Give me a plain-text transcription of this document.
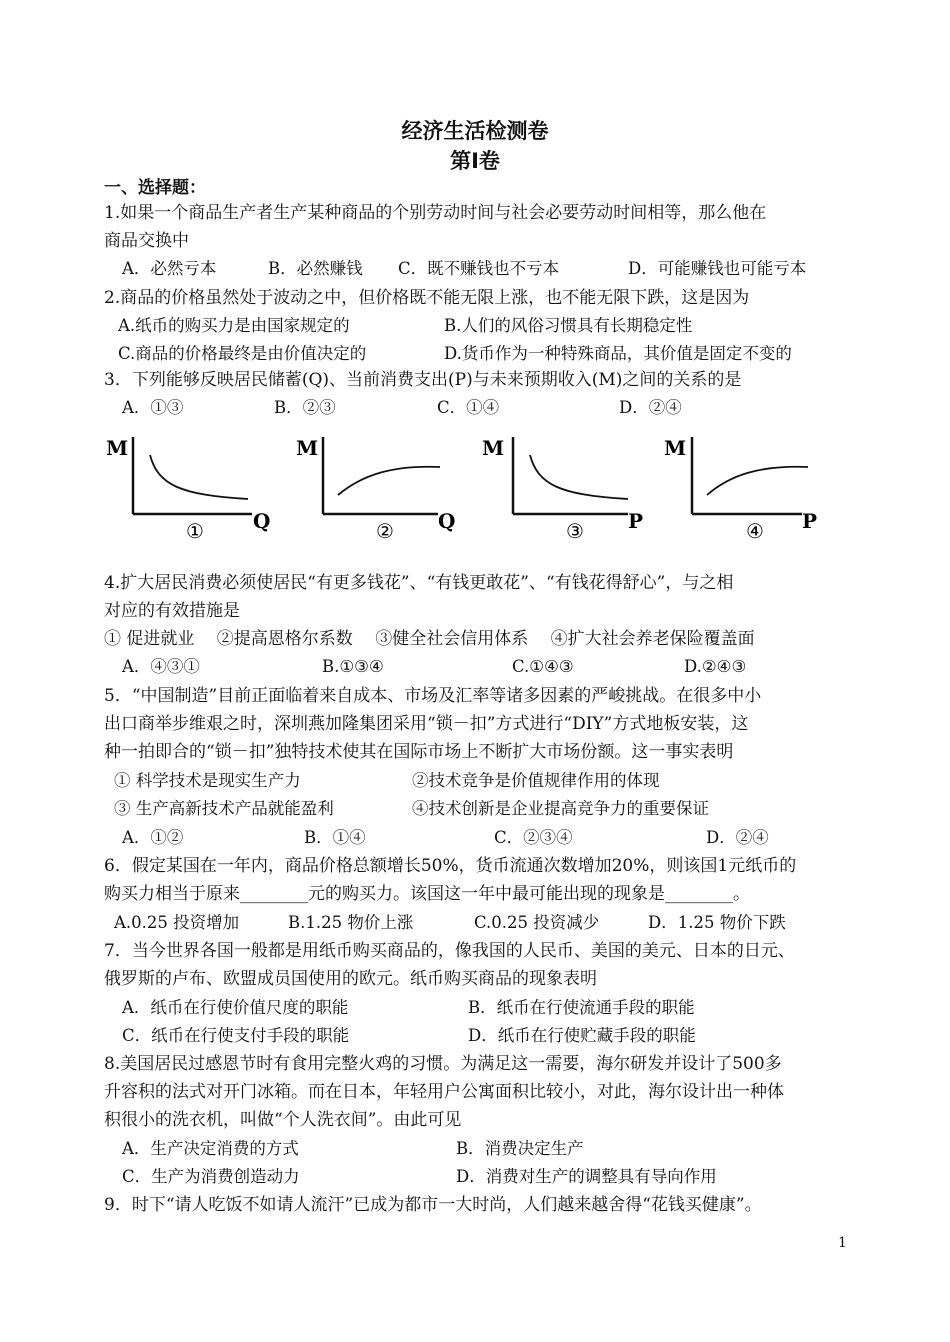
经济生活检测卷
第I卷
一、选择题：
1.如果一个商品生产者生产某种商品的个别劳动时间与社会必要劳动时间相等，那么他在
商品交换中
A．必然亏本	B．必然赚钱 C．既不赚钱也不亏本	D．可能赚钱也可能亏本
2.商品的价格虽然处于波动之中，但价格既不能无限上涨，也不能无限下跌，这是因为
A.纸币的购买力是由国家规定的	B.人们的风俗习惯具有长期稳定性
C.商品的价格最终是由价值决定的	D.货币作为一种特殊商品，其价值是固定不变的
3．下列能够反映居民储蓄(Q)、当前消费支出(P)与未来预期收入(M)之间的关系的是
A．①③	B．②③	C．①④	D．②④
M
Q
①
M
Q
②
M
P
③
M
P
④
4.扩大居民消费必须使居民“有更多钱花”、“有钱更敢花”、“有钱花得舒心”，与之相
对应的有效措施是
① 促进就业　 ②提高恩格尔系数　 ③健全社会信用体系　 ④扩大社会养老保险覆盖面
A．④③①	B.①③④	C.①④③	D.②④③
5．“中国制造”目前正面临着来自成本、市场及汇率等诸多因素的严峻挑战。在很多中小
出口商举步维艰之时，深圳燕加隆集团采用“锁－扣”方式进行“DIY”方式地板安装，这
种一拍即合的“锁－扣”独特技术使其在国际市场上不断扩大市场份额。这一事实表明
① 科学技术是现实生产力	②技术竞争是价值规律作用的体现
③ 生产高新技术产品就能盈利	④技术创新是企业提高竞争力的重要保证
A．①②	B．①④	C．②③④	D．②④
6．假定某国在一年内，商品价格总额增长50%，货币流通次数增加20%，则该国1元纸币的
购买力相当于原来________元的购买力。该国这一年中最可能出现的现象是________。
A.0.25 投资增加	B.1.25 物价上涨	C.0.25 投资减少	D．1.25 物价下跌
7．当今世界各国一般都是用纸币购买商品的，像我国的人民币、美国的美元、日本的日元、
俄罗斯的卢布、欧盟成员国使用的欧元。纸币购买商品的现象表明
A．纸币在行使价值尺度的职能	B．纸币在行使流通手段的职能
C．纸币在行使支付手段的职能	D．纸币在行使贮藏手段的职能
8.美国居民过感恩节时有食用完整火鸡的习惯。为满足这一需要，海尔研发并设计了500多
升容积的法式对开门冰箱。而在日本，年轻用户公寓面积比较小，对此，海尔设计出一种体
积很小的洗衣机，叫做“个人洗衣间”。由此可见
A．生产决定消费的方式	B．消费决定生产
C．生产为消费创造动力	D．消费对生产的调整具有导向作用
9．时下“请人吃饭不如请人流汗”已成为都市一大时尚，人们越来越舍得“花钱买健康”。
1
